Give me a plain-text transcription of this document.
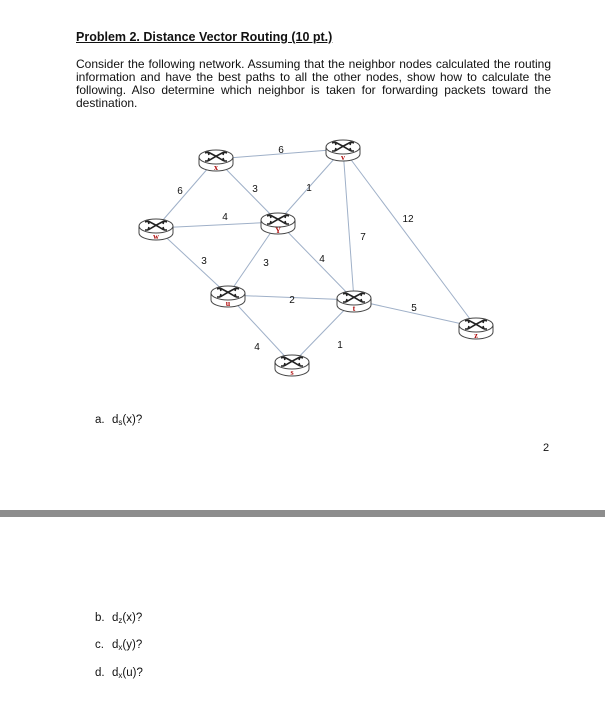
Problem 2. Distance Vector Routing (10 pt.)
Consider the following network. Assuming that the neighbor nodes calculated the routing information and have the best paths to all the other nodes, show how to calculate the following. Also determine which neighbor is taken for forwarding packets toward the destination.
6
6	3	1
4	12
7
3	3	4
2
5
4	1
x
v
w
Y
u
t
z
s
a. $d_s(x)$?
2
b. $d_z(x)$?
c. $d_x(y)$?
d. $d_x(u)$?
